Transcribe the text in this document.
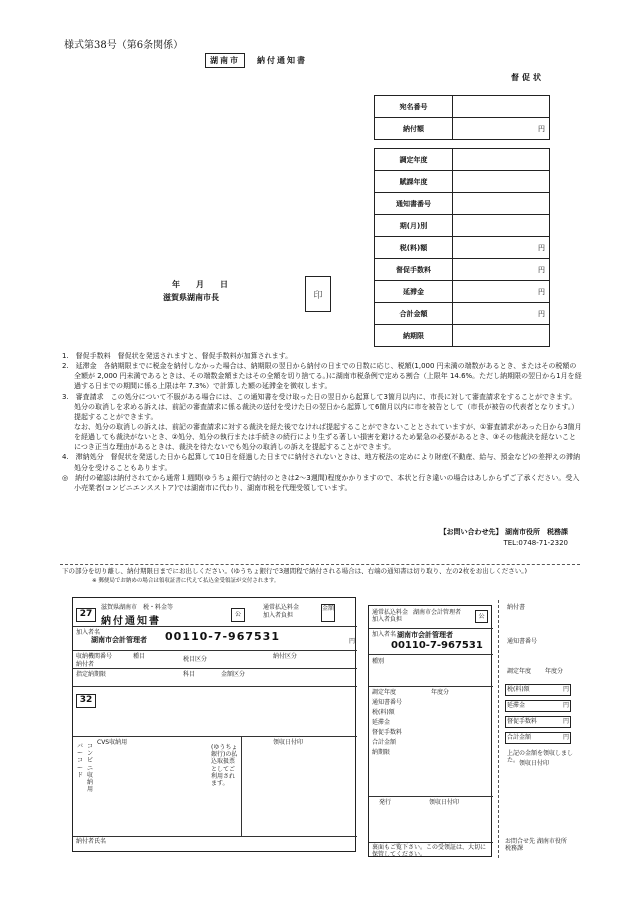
様式第38号（第6条関係）
湖南市	納付通知書
督促状
宛名番号	
納付額	円
調定年度	
賦課年度	
通知書番号	
期(月)別	
税(料)額	円
督促手数料	円
延滞金	円
合計金額	円
納期限	
年　　月　　日
滋賀県湖南市長	印

1.　督促手数料　督促状を発送されますと、督促手数料が加算されます。

2.　延滞金　各納期限までに税金を納付しなかった場合は、納期限の翌日から納付の日までの日数に応じ、税額(1,000 円未満の端数があるとき、またはその税額の全額が 2,000 円未満であるときは、その端数金額またはその全額を切り捨てる。)に湖南市税条例で定める割合（上限年 14.6%。ただし納期限の翌日から1月を経過する日までの期間に係る上限は年 7.3%）で計算した額の延滞金を徴収します。

3.　審査請求　この処分について不服がある場合には、この通知書を受け取った日の翌日から起算して3箇月以内に、市長に対して審査請求をすることができます。処分の取消しを求める訴えは、前記の審査請求に係る裁決の送付を受けた日の翌日から起算して6箇月以内に市を被告として（市長が被告の代表者となります。）提起することができます。

なお、処分の取消しの訴えは、前記の審査請求に対する裁決を経た後でなければ提起することができないこととされていますが、①審査請求があった日から3箇月を経過しても裁決がないとき、②処分、処分の執行または手続きの続行により生ずる著しい損害を避けるため緊急の必要があるとき、③その他裁決を経ないことにつき正当な理由があるときは、裁決を待たないでも処分の取消しの訴えを提起することができます。

4.　滞納処分　督促状を発送した日から起算して10日を経過した日までに納付されないときは、地方税法の定めにより財産(不動産、給与、預金など)の差押えの滞納処分を受けることもあります。

◎　納付の確認は納付されてから通常１週間(ゆうちょ銀行で納付のときは2～3週間)程度かかりますので、本状と行き違いの場合はあしからずご了承ください。受入小売業者(コンビニエンスストア)では湖南市に代わり、湖南市税を代理受領しています。

【お問い合わせ先】 湖南市役所　税務課
TEL:0748-71-2320
下の部分を切り離し、納付期限日までにお出しください。(ゆうちょ銀行で3週間程で納付される場合は、右端の通知書は切り取り、左の2枚をお出しください。)
※ 郵便局でお納めの場合は領収証書に代えて払込金受領証が交付されます。
27
滋賀県湖南市　税・料金等
納付通知書
公
通常払込料金
加入者負担
金額
加入者名
湖南市会計管理者 00110-7-967531	円
収納機関番号
納付者
種目	税目区分	納付区分
指定納期限	科目	金額区分
32
CVS収納用
バーコード
コンビニ収納用
領収日付印
(ゆうちょ銀行)の払込取扱票としてご利用されます。
納付者氏名
通常払込料金
加入者負担
湖南市会計管理者
公
加入者名 湖南市会計管理者
00110-7-967531
種別
調定年度	年度分
通知書番号
税(料)額
延滞金
督促手数料
合計金額
納期限
発行	領収日付印
裏面もご覧下さい。この受領証は、大切に保管してください。
納付書
通知書番号
調定年度 年度分
税(料)額	円
延滞金	円
督促手数料	円
合計金額	円
上記の金額を領収しました。 領収日付印
お問合せ先 湖南市役所税務課
